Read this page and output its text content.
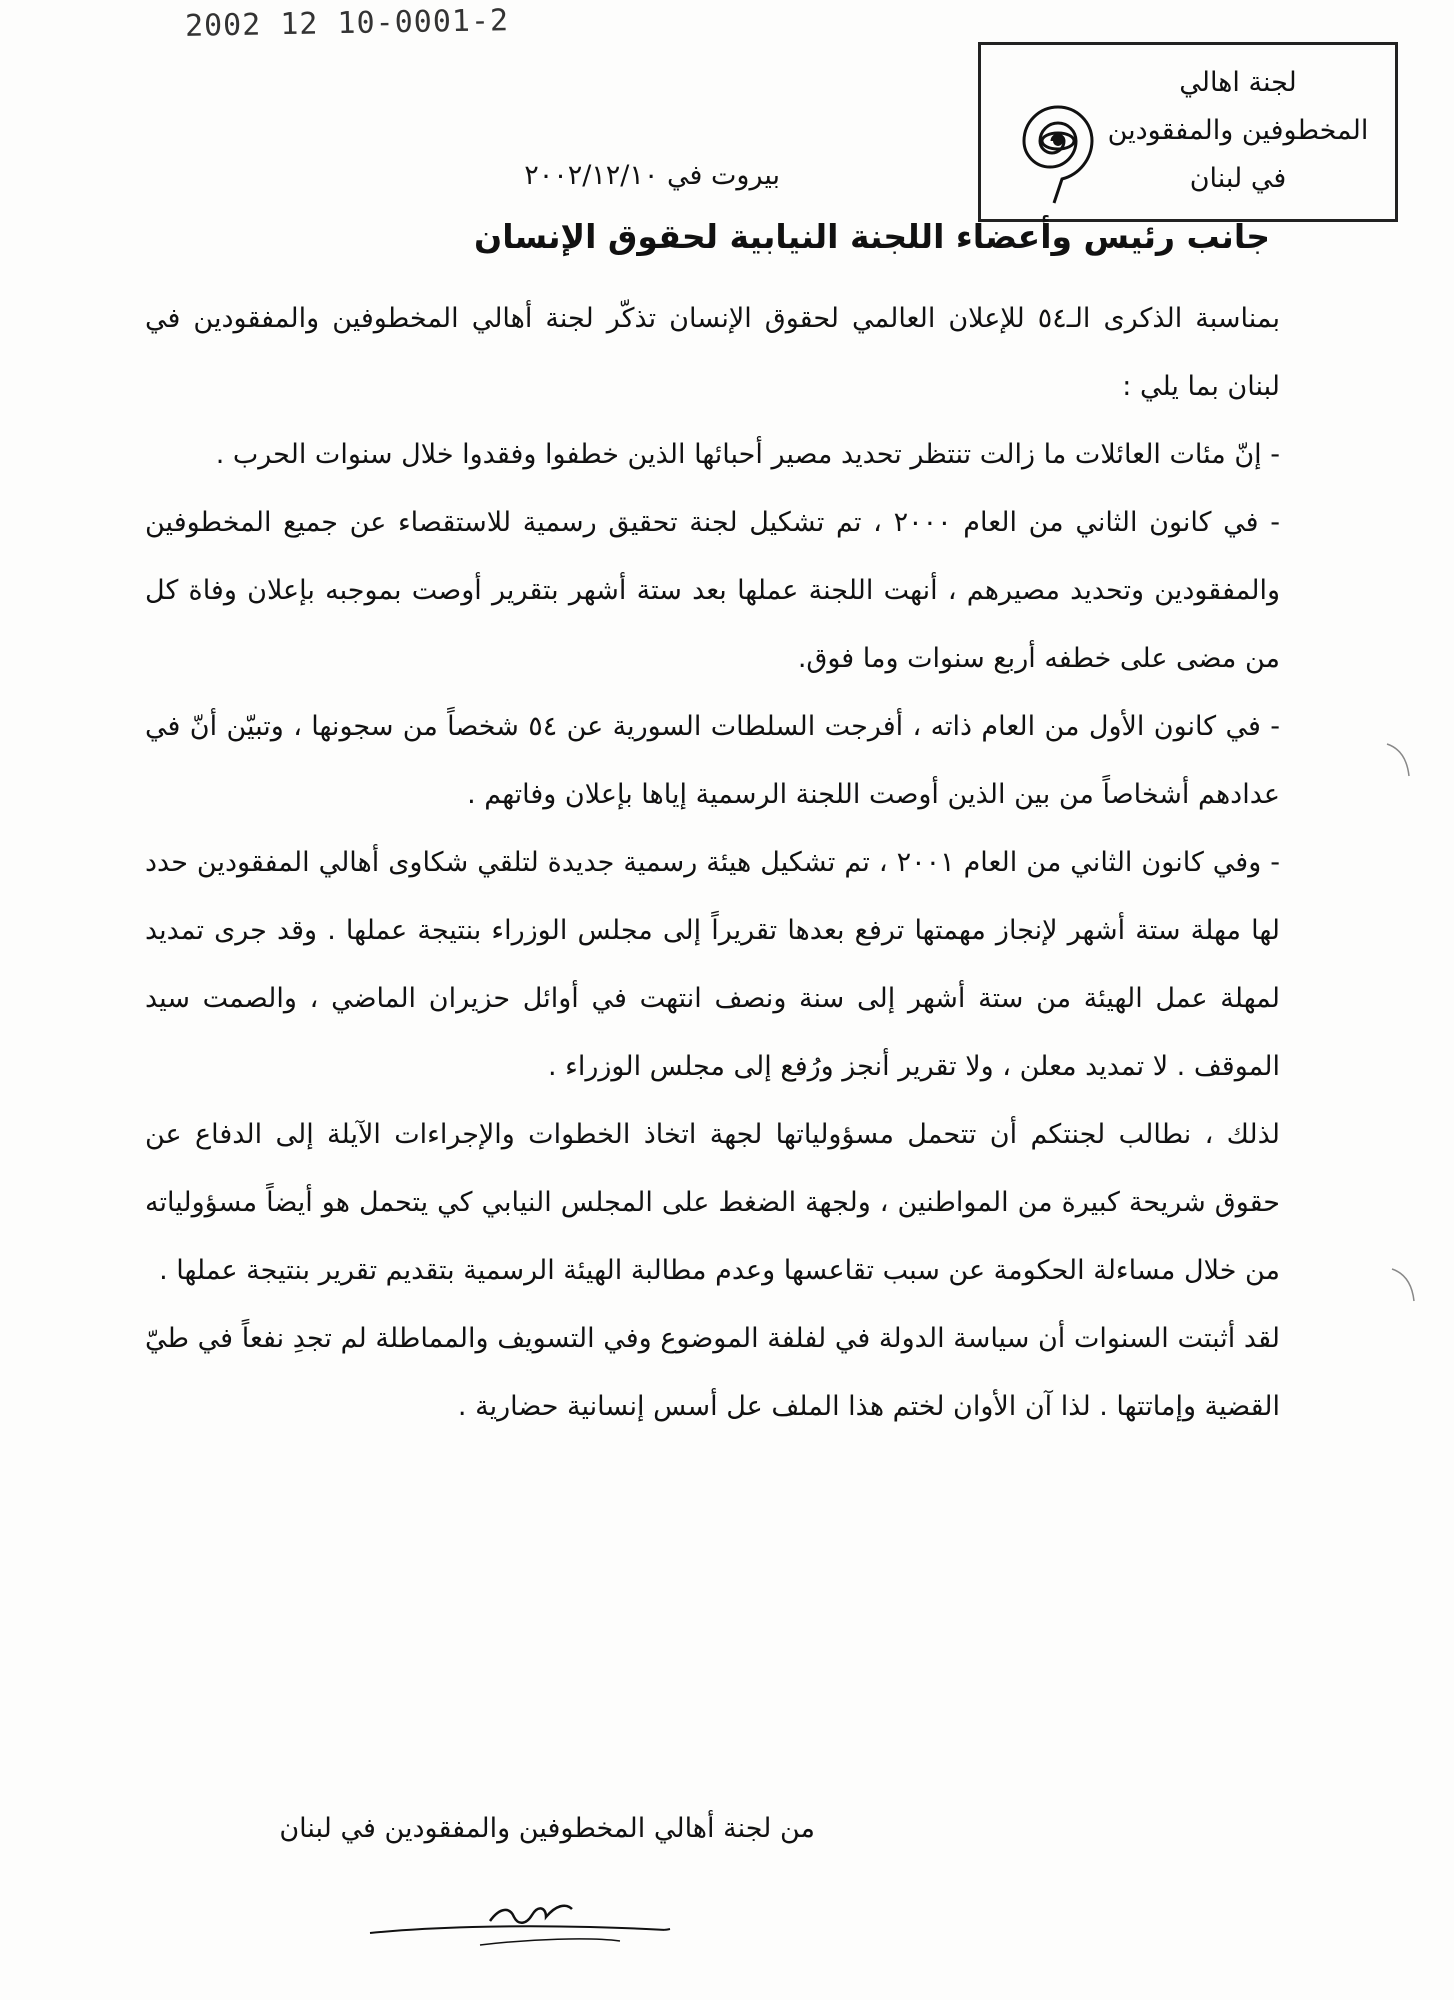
2002 12 10-0001-2
لجنة اهالي
المخطوفين والمفقودين
في لبنان
بيروت في ٢٠٠٢/١٢/١٠
جانب رئيس وأعضاء اللجنة النيابية لحقوق الإنسان

بمناسبة الذكرى الـ٥٤ للإعلان العالمي لحقوق الإنسان تذكّر لجنة أهالي المخطوفين والمفقودين في لبنان بما يلي :

- إنّ مئات العائلات ما زالت تنتظر تحديد مصير أحبائها الذين خطفوا وفقدوا خلال سنوات الحرب .

- في كانون الثاني من العام ٢٠٠٠ ، تم تشكيل لجنة تحقيق رسمية للاستقصاء عن جميع المخطوفين والمفقودين وتحديد مصيرهم ، أنهت اللجنة عملها بعد ستة أشهر بتقرير أوصت بموجبه بإعلان وفاة كل من مضى على خطفه أربع سنوات وما فوق.

- في كانون الأول من العام ذاته ، أفرجت السلطات السورية عن ٥٤ شخصاً من سجونها ، وتبيّن أنّ في عدادهم أشخاصاً من بين الذين أوصت اللجنة الرسمية إياها بإعلان وفاتهم .

- وفي كانون الثاني من العام ٢٠٠١ ، تم تشكيل هيئة رسمية جديدة لتلقي شكاوى أهالي المفقودين حدد لها مهلة ستة أشهر لإنجاز مهمتها ترفع بعدها تقريراً إلى مجلس الوزراء بنتيجة عملها . وقد جرى تمديد لمهلة عمل الهيئة من ستة أشهر إلى سنة ونصف انتهت في أوائل حزيران الماضي ، والصمت سيد الموقف . لا تمديد معلن ، ولا تقرير أنجز ورُفع إلى مجلس الوزراء .

لذلك ، نطالب لجنتكم أن تتحمل مسؤولياتها لجهة اتخاذ الخطوات والإجراءات الآيلة إلى الدفاع عن حقوق شريحة كبيرة من المواطنين ، ولجهة الضغط على المجلس النيابي كي يتحمل هو أيضاً مسؤولياته من خلال مساءلة الحكومة عن سبب تقاعسها وعدم مطالبة الهيئة الرسمية بتقديم تقرير بنتيجة عملها .

لقد أثبتت السنوات أن سياسة الدولة في لفلفة الموضوع وفي التسويف والمماطلة لم تجدِ نفعاً في طيّ القضية وإماتتها . لذا آن الأوان لختم هذا الملف عل أسس إنسانية حضارية .

من لجنة أهالي المخطوفين والمفقودين في لبنان
